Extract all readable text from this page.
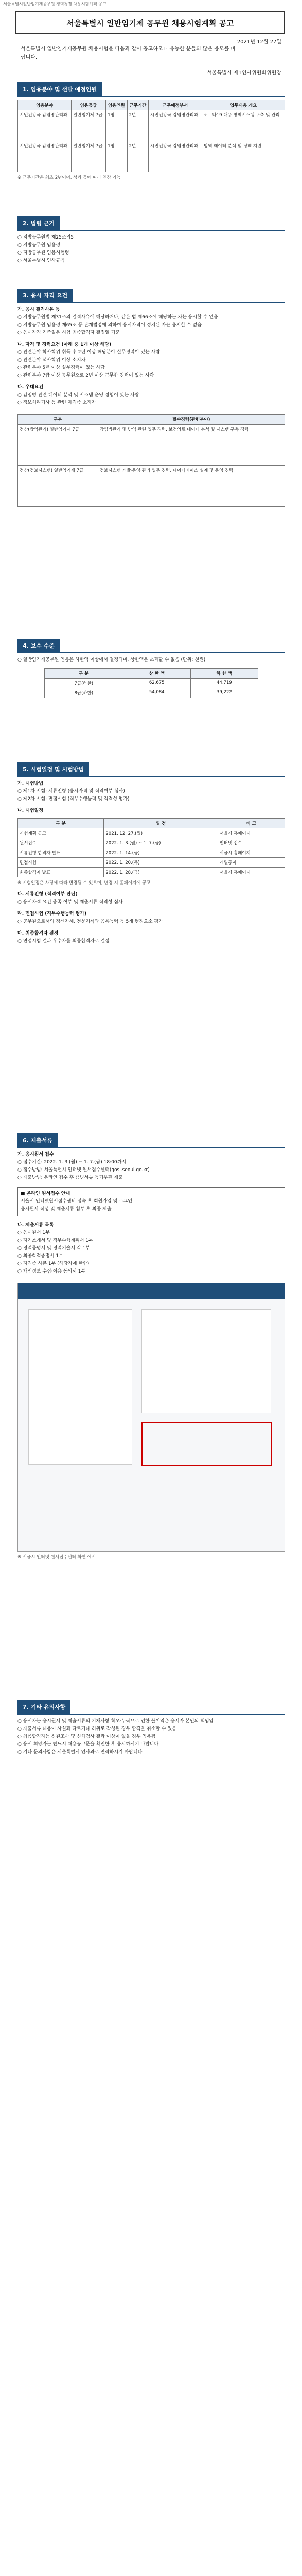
서울특별시일반임기제공무원 경력경쟁 채용시험계획 공고
서울특별시 일반임기제 공무원 채용시험계획 공고
2021년 12월 27일
서울특별시 일반임기제공무원 채용시험을 다음과 같이 공고하오니 유능한 분들의 많은 응모를 바랍니다.
서울특별시 제1인사위원회위원장
1. 임용분야 및 선발 예정인원
임용분야	임용등급	임용인원	근무기간	근무예정부서	업무내용 개요
시민건강국 감염병관리과	일반임기제 7급	1명	2년	시민건강국 감염병관리과	코로나19 대응 방역시스템 구축 및 관리
시민건강국 감염병관리과	일반임기제 7급	1명	2년	시민건강국 감염병관리과	방역 데이터 분석 및 정책 지원
※ 근무기간은 최초 2년이며, 성과 등에 따라 연장 가능
2. 법령 근거

○ 지방공무원법 제25조의5

○ 지방공무원 임용령

○ 지방공무원 임용시험령

○ 서울특별시 인사규칙

3. 응시 자격 요건

가. 응시 결격사유 등

○ 지방공무원법 제31조의 결격사유에 해당하거나, 같은 법 제66조에 해당하는 자는 응시할 수 없음

○ 지방공무원 임용령 제65조 등 관계법령에 의하여 응시자격이 정지된 자는 응시할 수 없음

○ 응시자격 기준일은 시험 최종합격자 결정일 기준

나. 자격 및 경력요건 (아래 중 1개 이상 해당)

○ 관련분야 학사학위 취득 후 2년 이상 해당분야 실무경력이 있는 사람

○ 관련분야 석사학위 이상 소지자

○ 관련분야 5년 이상 실무경력이 있는 사람

○ 관련분야 7급 이상 공무원으로 2년 이상 근무한 경력이 있는 사람

다. 우대요건

○ 감염병 관련 데이터 분석 및 시스템 운영 경험이 있는 사람

○ 정보처리기사 등 관련 자격증 소지자

구분	필수경력(관련분야)
전산(방역관리) 일반임기제 7급	감염병관리 및 방역 관련 업무 경력, 보건의료 데이터 분석 및 시스템 구축 경력
전산(정보시스템) 일반임기제 7급	정보시스템 개발·운영·관리 업무 경력, 데이터베이스 설계 및 운영 경력
4. 보수 수준

○ 일반임기제공무원 연봉은 하한액 이상에서 결정되며, 상한액은 초과할 수 없음 (단위: 천원)

구 분	상 한 액	하 한 액
7급(하한)	62,675	44,719
8급(하한)	54,084	39,222
5. 시험일정 및 시험방법

가. 시험방법

○ 제1차 시험: 서류전형 (응시자격 및 적격여부 심사)

○ 제2차 시험: 면접시험 (직무수행능력 및 적격성 평가)

나. 시험일정

구 분	일 정	비 고
시험계획 공고	2021. 12. 27.(월)	서울시 홈페이지
원서접수	2022. 1. 3.(월) ~ 1. 7.(금)	인터넷 접수
서류전형 합격자 발표	2022. 1. 14.(금)	서울시 홈페이지
면접시험	2022. 1. 20.(목)	개별통지
최종합격자 발표	2022. 1. 28.(금)	서울시 홈페이지
※ 시험일정은 사정에 따라 변경될 수 있으며, 변경 시 홈페이지에 공고

다. 서류전형 (적격여부 판단)

○ 응시자격 요건 충족 여부 및 제출서류 적격성 심사

라. 면접시험 (직무수행능력 평가)

○ 공무원으로서의 정신자세, 전문지식과 응용능력 등 5개 평정요소 평가

마. 최종합격자 결정

○ 면접시험 결과 우수자를 최종합격자로 결정

6. 제출서류

가. 응시원서 접수

○ 접수기간: 2022. 1. 3.(월) ~ 1. 7.(금) 18:00까지

○ 접수방법: 서울특별시 인터넷 원서접수센터(gosi.seoul.go.kr)

○ 제출방법: 온라인 접수 후 증빙서류 등기우편 제출

■ 온라인 원서접수 안내

서울시 인터넷원서접수센터 접속 후 회원가입 및 로그인

응시원서 작성 및 제출서류 첨부 후 최종 제출

나. 제출서류 목록

○ 응시원서 1부

○ 자기소개서 및 직무수행계획서 1부

○ 경력증명서 및 경력기술서 각 1부

○ 최종학력증명서 1부

○ 자격증 사본 1부 (해당자에 한함)

○ 개인정보 수집·이용 동의서 1부

※ 서울시 인터넷 원서접수센터 화면 예시
7. 기타 유의사항

○ 응시자는 응시원서 및 제출서류의 기재사항 착오·누락으로 인한 불이익은 응시자 본인의 책임임

○ 제출서류 내용이 사실과 다르거나 허위로 작성된 경우 합격을 취소할 수 있음

○ 최종합격자는 신원조사 및 신체검사 결과 이상이 없을 경우 임용됨

○ 응시 희망자는 반드시 채용공고문을 확인한 후 응시하시기 바랍니다

○ 기타 문의사항은 서울특별시 인사과로 연락하시기 바랍니다
